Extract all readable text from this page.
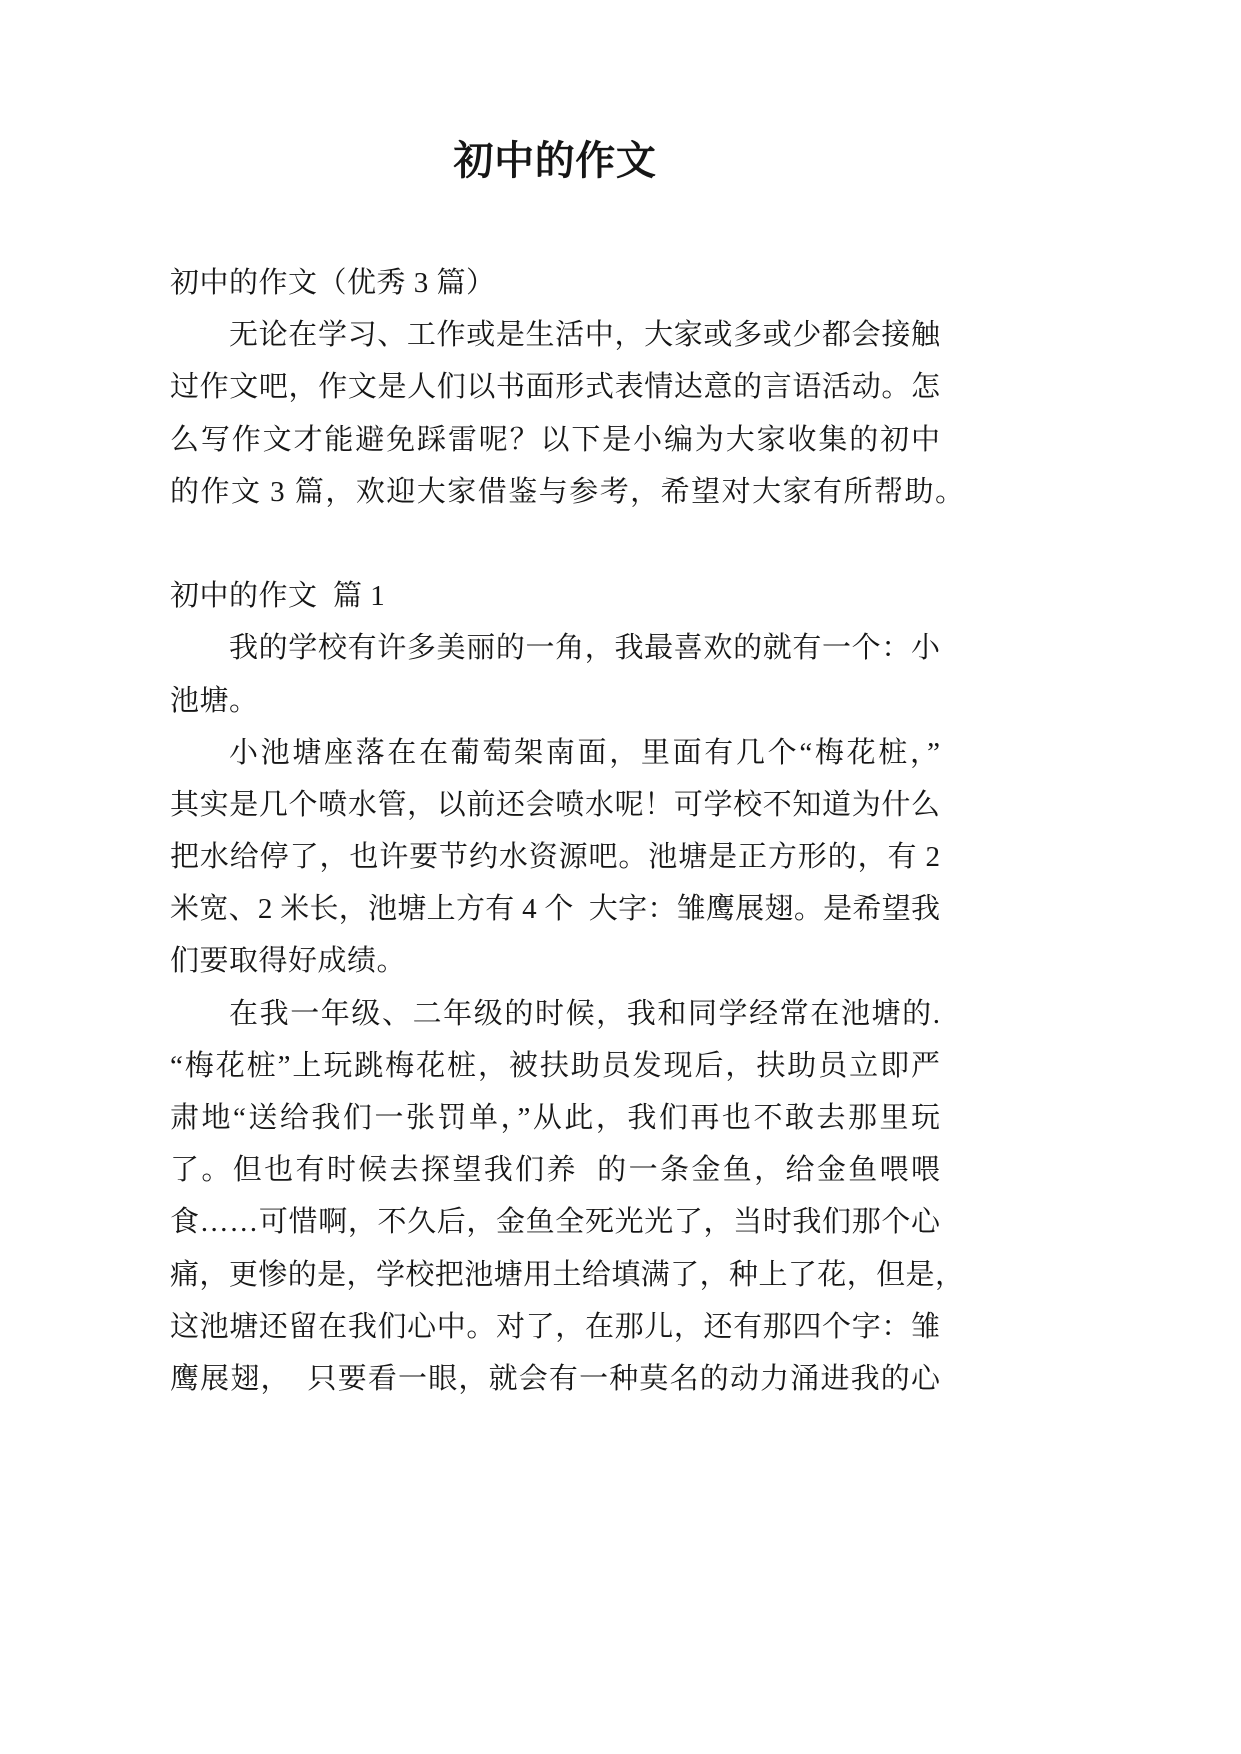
初中的作文
初中的作文（优秀 3 篇）
无论在学习、工作或是生活中，大家或多或少都会接触
过作文吧，作文是人们以书面形式表情达意的言语活动。怎
么写作文才能避免踩雷呢？以下是小编为大家收集的初中
的作文 3 篇，欢迎大家借鉴与参考，希望对大家有所帮助。
初中的作文  篇 1
我的学校有许多美丽的一角，我最喜欢的就有一个：小
池塘。
小池塘座落在在葡萄架南面，里面有几个“梅花桩，”
其实是几个喷水管，以前还会喷水呢！可学校不知道为什么
把水给停了，也许要节约水资源吧。池塘是正方形的，有 2
米宽、2 米长，池塘上方有 4 个  大字：雏鹰展翅。是希望我
们要取得好成绩。
在我一年级、二年级的时候，我和同学经常在池塘的.
“梅花桩”上玩跳梅花桩，被扶助员发现后，扶助员立即严
肃地“送给我们一张罚单，”从此，我们再也不敢去那里玩
了。但也有时候去探望我们养  的一条金鱼，给金鱼喂喂
食……可惜啊，不久后，金鱼全死光光了，当时我们那个心
痛，更惨的是，学校把池塘用土给填满了，种上了花，但是，
这池塘还留在我们心中。对了，在那儿，还有那四个字：雏
鹰展翅，  只要看一眼，就会有一种莫名的动力涌进我的心
